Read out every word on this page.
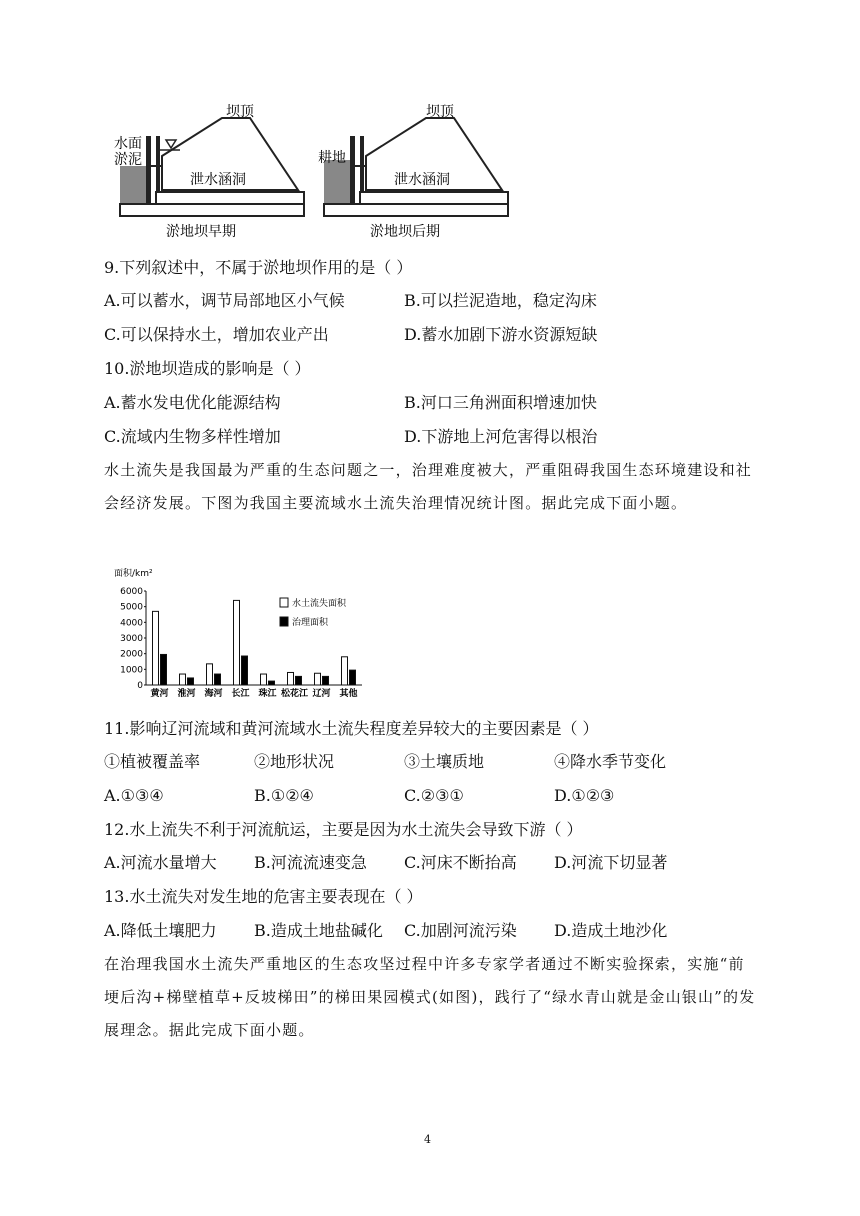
坝顶
水面
淤泥
泄水涵洞
淤地坝早期
坝顶
耕地
泄水涵洞
淤地坝后期
9.下列叙述中，不属于淤地坝作用的是（ ）
A.可以蓄水，调节局部地区小气候	B.可以拦泥造地，稳定沟床
C.可以保持水土，增加农业产出	D.蓄水加剧下游水资源短缺
10.淤地坝造成的影响是（ ）
A.蓄水发电优化能源结构	B.河口三角洲面积增速加快
C.流域内生物多样性增加	D.下游地上河危害得以根治
水土流失是我国最为严重的生态问题之一，治理难度被大，严重阻碍我国生态环境建设和社会经济发展。下图为我国主要流域水土流失治理情况统计图。据此完成下面小题。
面积/km²
0
1000
2000
3000
4000
5000
6000
黄河 淮河 海河 长江 珠江 松花江 辽河 其他
水土流失面积
治理面积
11.影响辽河流域和黄河流域水土流失程度差异较大的主要因素是（ ）
①植被覆盖率	②地形状况	③土壤质地	④降水季节变化
A.①③④	B.①②④	C.②③①	D.①②③
12.水上流失不利于河流航运，主要是因为水土流失会导致下游（ ）
A.河流水量增大 B.河流流速变急 C.河床不断抬高 D.河流下切显著
13.水土流失对发生地的危害主要表现在（ ）
A.降低土壤肥力 B.造成土地盐碱化 C.加剧河流污染 D.造成土地沙化
在治理我国水土流失严重地区的生态攻坚过程中许多专家学者通过不断实验探索，实施“前埂后沟+梯壁植草+反坡梯田”的梯田果园模式(如图)，践行了“绿水青山就是金山银山”的发展理念。据此完成下面小题。
4
